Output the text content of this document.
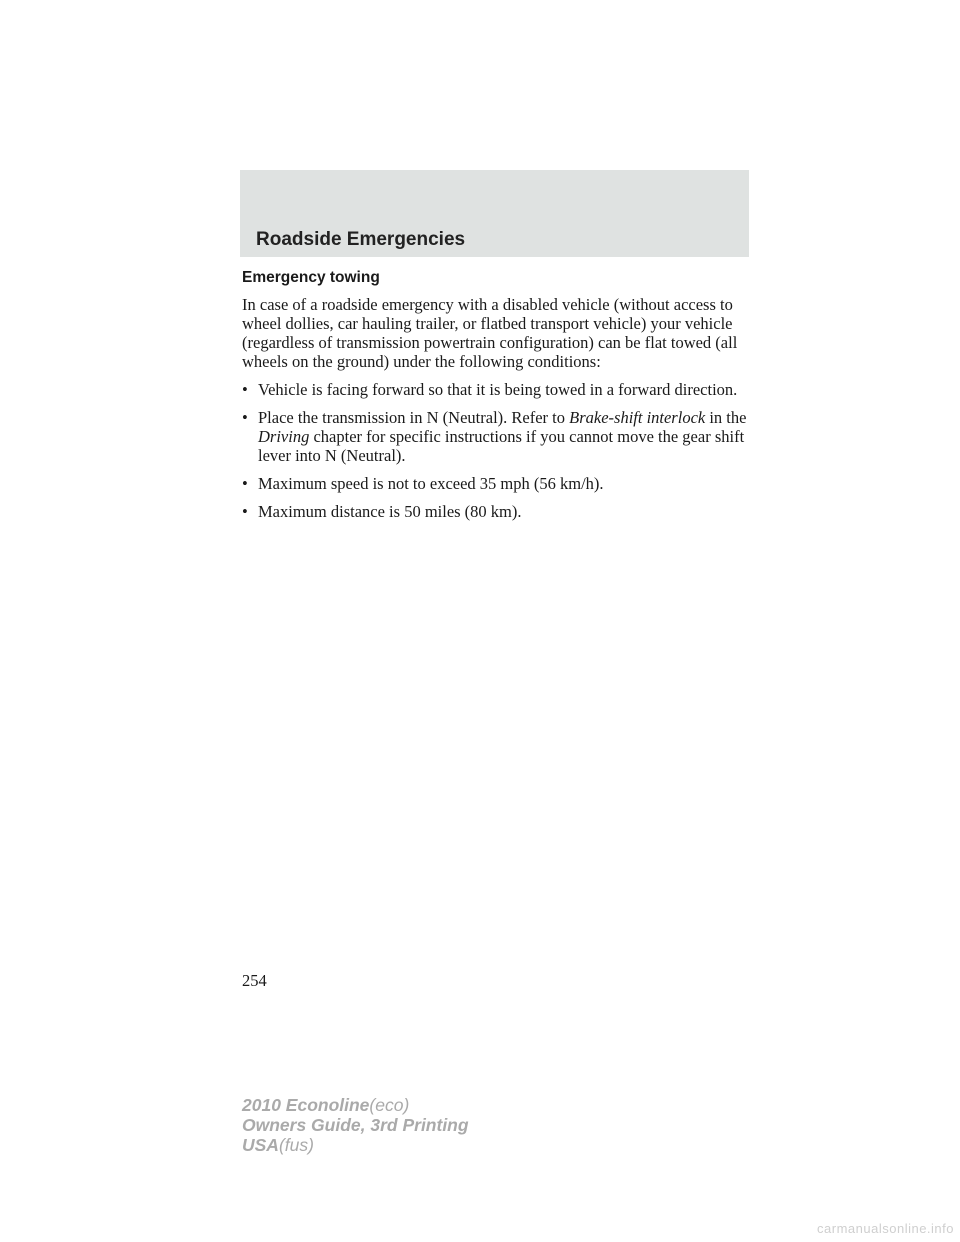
Roadside Emergencies
Emergency towing

In case of a roadside emergency with a disabled vehicle (without access to wheel dollies, car hauling trailer, or flatbed transport vehicle) your vehicle (regardless of transmission powertrain configuration) can be flat towed (all wheels on the ground) under the following conditions:

• Vehicle is facing forward so that it is being towed in a forward direction.
• Place the transmission in N (Neutral). Refer to Brake-shift interlock in the Driving chapter for specific instructions if you cannot move the gear shift lever into N (Neutral).
• Maximum speed is not to exceed 35 mph (56 km/h).
• Maximum distance is 50 miles (80 km).
254
2010 Econoline(eco)
Owners Guide, 3rd Printing
USA(fus)
carmanualsonline.info
